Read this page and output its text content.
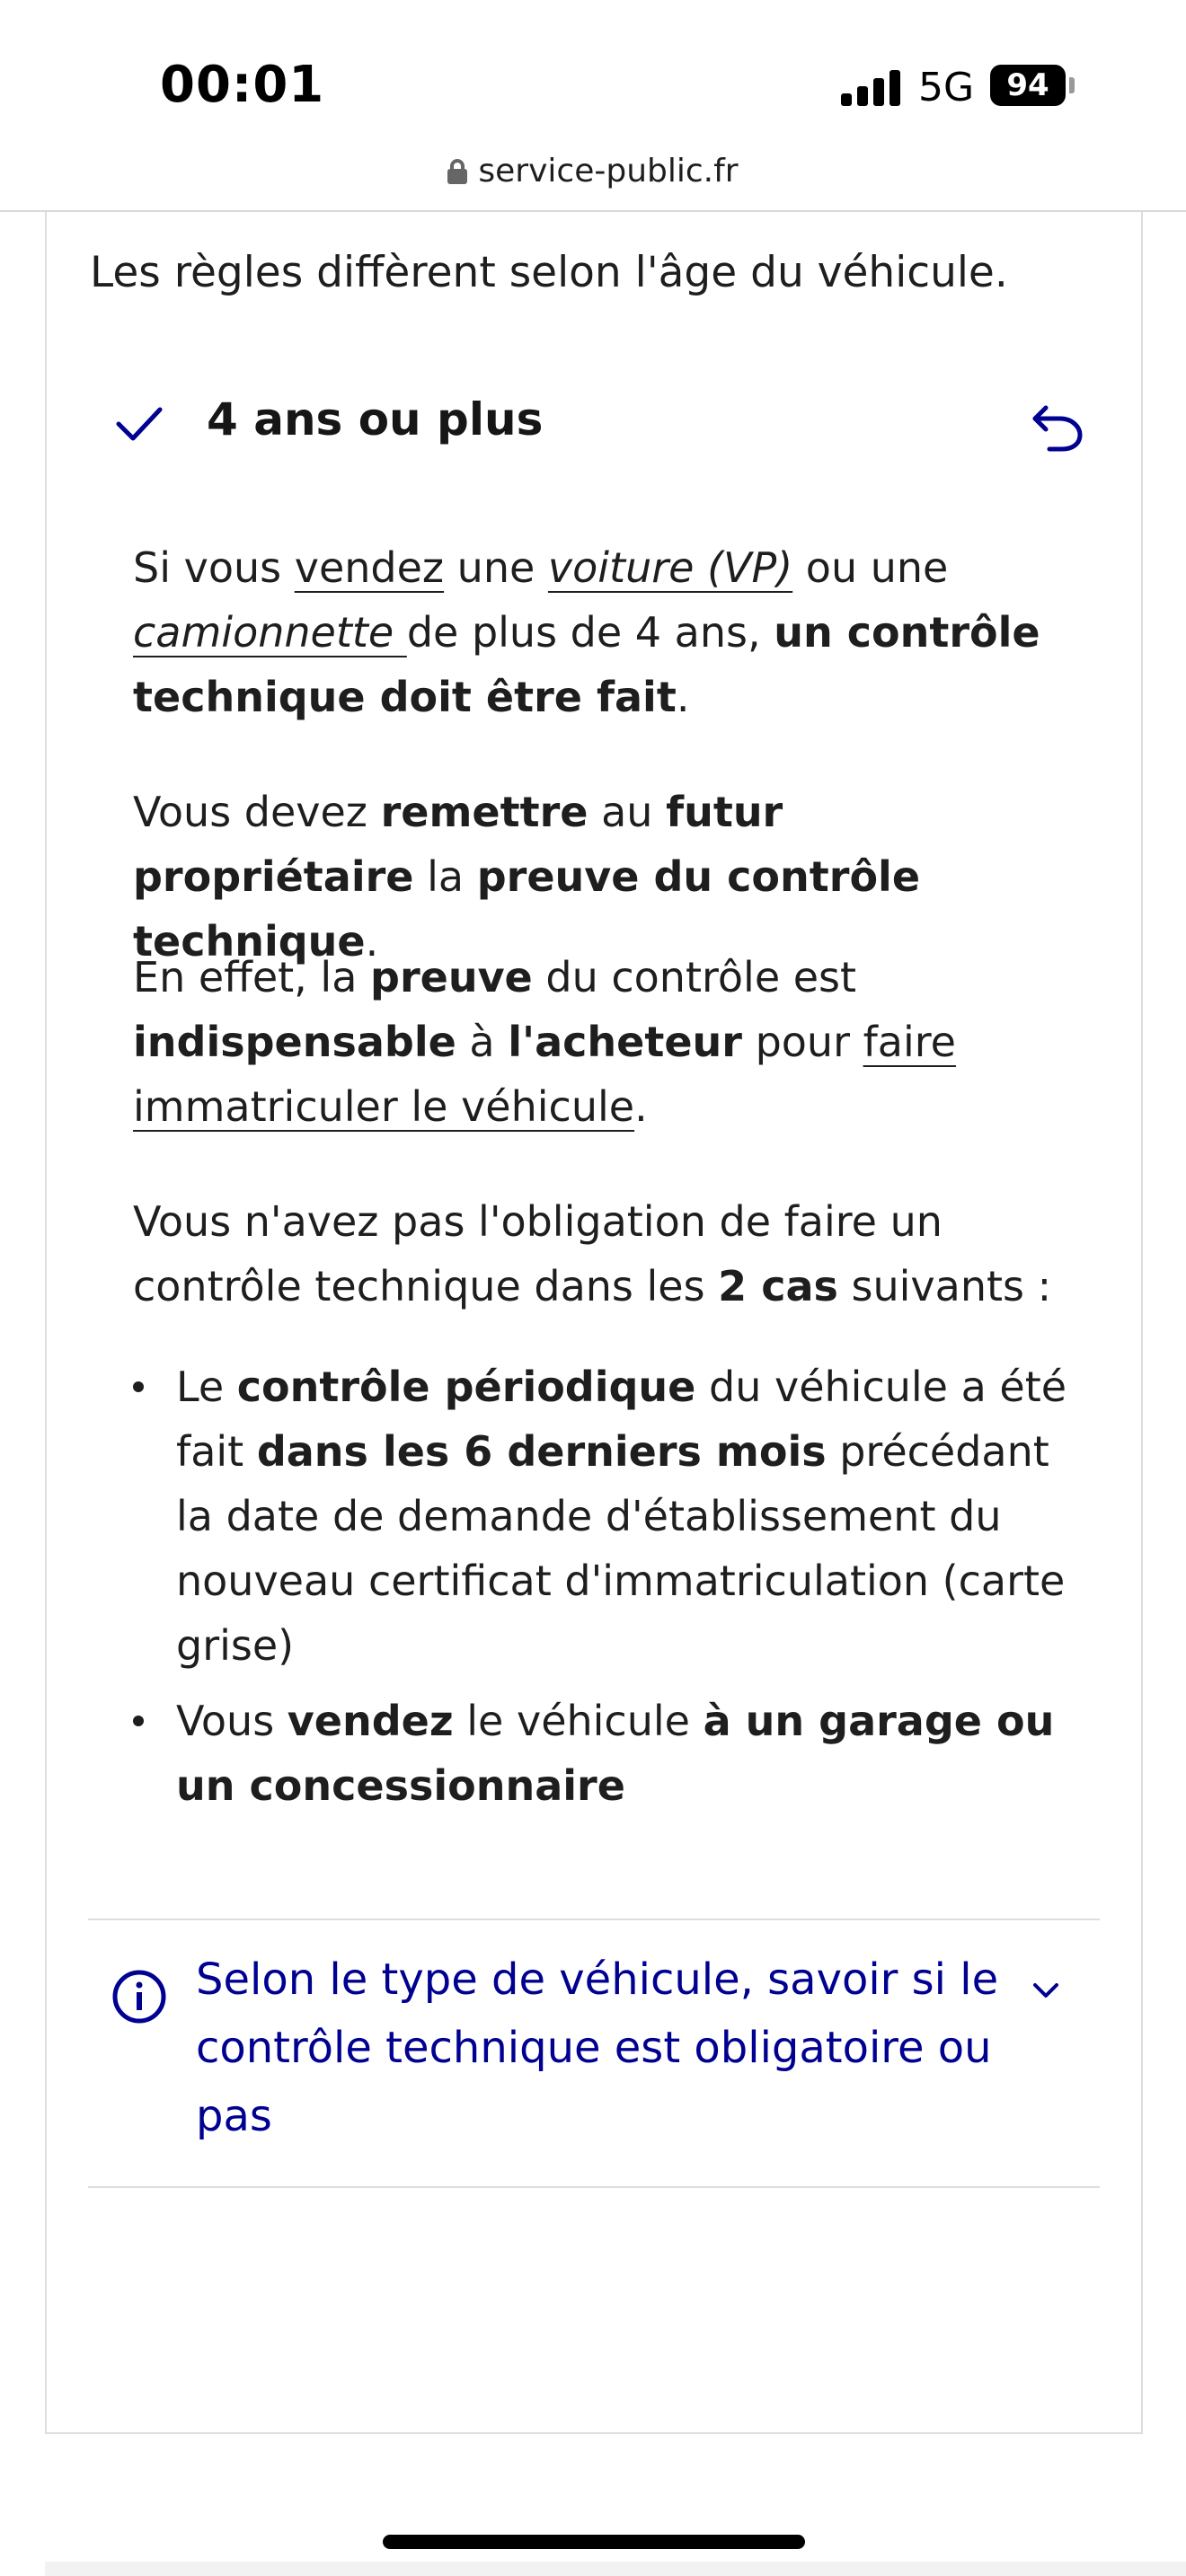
00:01	5G	94
service-public.fr
Les règles diffèrent selon l'âge du véhicule.
4 ans ou plus
Si vous vendez une voiture (VP) ou une camionnette de plus de 4 ans, un contrôle technique doit être fait.
Vous devez remettre au futur propriétaire la preuve du contrôle technique.
En effet, la preuve du contrôle est indispensable à l'acheteur pour faire immatriculer le véhicule.
Vous n'avez pas l'obligation de faire un contrôle technique dans les 2 cas suivants :
Le contrôle périodique du véhicule a été fait dans les 6 derniers mois précédant la date de demande d'établissement du nouveau certificat d'immatriculation (carte grise)
Vous vendez le véhicule à un garage ou un concessionnaire
Selon le type de véhicule, savoir si le contrôle technique est obligatoire ou pas
